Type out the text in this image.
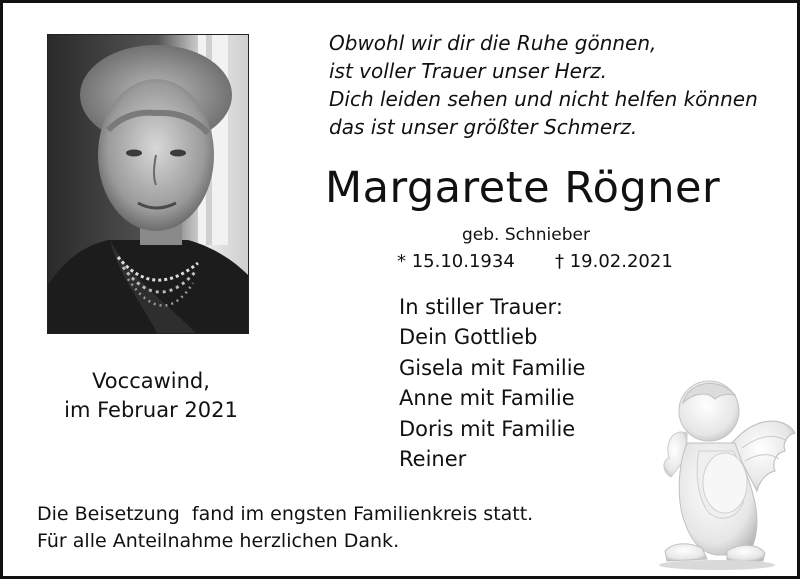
Obwohl wir dir die Ruhe gönnen,
ist voller Trauer unser Herz.
Dich leiden sehen und nicht helfen können
das ist unser größter Schmerz.
Margarete Rögner
geb. Schnieber
* 15.10.1934 † 19.02.2021
In stiller Trauer:
Dein Gottlieb
Gisela mit Familie
Anne mit Familie
Doris mit Familie
Reiner
Voccawind,
im Februar 2021
Die Beisetzung  fand im engsten Familienkreis statt.
Für alle Anteilnahme herzlichen Dank.
